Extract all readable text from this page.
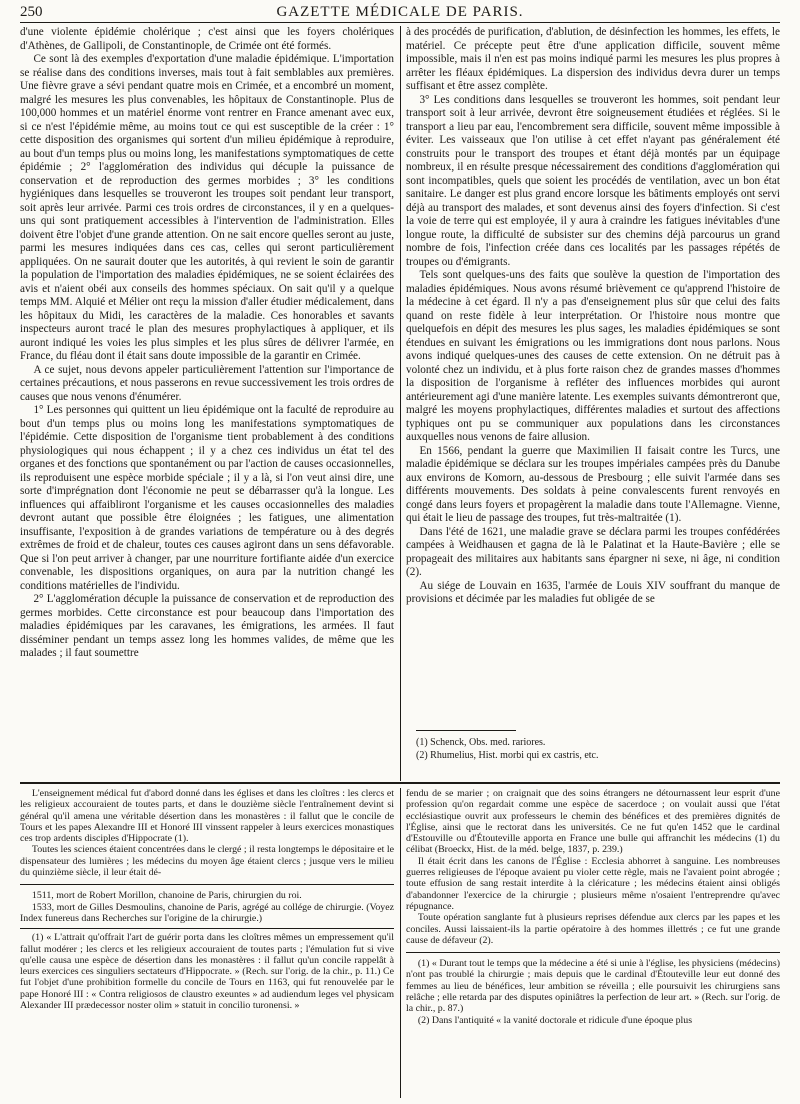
250	GAZETTE MÉDICALE DE PARIS.

d'une violente épidémie cholérique ; c'est ainsi que les foyers cholériques d'Athènes, de Gallipoli, de Constantinople, de Crimée ont été formés.

Ce sont là des exemples d'exportation d'une maladie épidémique. L'importation se réalise dans des conditions inverses, mais tout à fait semblables aux premières. Une fièvre grave a sévi pendant quatre mois en Crimée, et a encombré un moment, malgré les mesures les plus convenables, les hôpitaux de Constantinople. Plus de 100,000 hommes et un matériel énorme vont rentrer en France amenant avec eux, si ce n'est l'épidémie même, au moins tout ce qui est susceptible de la créer : 1° cette disposition des organismes qui sortent d'un milieu épidémique à reproduire, au bout d'un temps plus ou moins long, les manifestations symptomatiques de cette épidémie ; 2° l'agglomération des individus qui décuple la puissance de conservation et de reproduction des germes morbides ; 3° les conditions hygiéniques dans lesquelles se trouveront les troupes soit pendant leur transport, soit après leur arrivée. Parmi ces trois ordres de circonstances, il y en a quelques-uns qui sont pratiquement accessibles à l'intervention de l'administration. Elles doivent être l'objet d'une grande attention. On ne sait encore quelles seront au juste, parmi les mesures indiquées dans ces cas, celles qui seront particulièrement appliquées. On ne saurait douter que les autorités, à qui revient le soin de garantir la population de l'importation des maladies épidémiques, ne se soient éclairées des avis et n'aient obéi aux conseils des hommes spéciaux. On sait qu'il y a quelque temps MM. Alquié et Mélier ont reçu la mission d'aller étudier médicalement, dans les hôpitaux du Midi, les caractères de la maladie. Ces honorables et savants inspecteurs auront tracé le plan des mesures prophylactiques à appliquer, et ils auront indiqué les voies les plus simples et les plus sûres de délivrer l'armée, en France, du fléau dont il était sans doute impossible de la garantir en Crimée.

A ce sujet, nous devons appeler particulièrement l'attention sur l'importance de certaines précautions, et nous passerons en revue successivement les trois ordres de causes que nous venons d'énumérer.

1° Les personnes qui quittent un lieu épidémique ont la faculté de reproduire au bout d'un temps plus ou moins long les manifestations symptomatiques de l'épidémie. Cette disposition de l'organisme tient probablement à des conditions physiologiques qui nous échappent ; il y a chez ces individus un état tel des organes et des fonctions que spontanément ou par l'action de causes occasionnelles, ils reproduisent une espèce morbide spéciale ; il y a là, si l'on veut ainsi dire, une sorte d'imprégnation dont l'économie ne peut se débarrasser qu'à la longue. Les influences qui affaibliront l'organisme et les causes occasionnelles des maladies devront autant que possible être éloignées ; les fatigues, une alimentation insuffisante, l'exposition à de grandes variations de température ou à des degrés extrêmes de froid et de chaleur, toutes ces causes agiront dans un sens défavorable. Que si l'on peut arriver à changer, par une nourriture fortifiante aidée d'un exercice convenable, les dispositions organiques, on aura par la nutrition changé les conditions matérielles de l'individu.

2° L'agglomération décuple la puissance de conservation et de reproduction des germes morbides. Cette circonstance est pour beaucoup dans l'importation des maladies épidémiques par les caravanes, les émigrations, les armées. Il faut disséminer pendant un temps assez long les hommes valides, de même que les malades ; il faut soumettre

à des procédés de purification, d'ablution, de désinfection les hommes, les effets, le matériel. Ce précepte peut être d'une application difficile, souvent même impossible, mais il n'en est pas moins indiqué parmi les mesures les plus propres à arrêter les fléaux épidémiques. La dispersion des individus devra durer un temps suffisant et être assez complète.

3° Les conditions dans lesquelles se trouveront les hommes, soit pendant leur transport soit à leur arrivée, devront être soigneusement étudiées et réglées. Si le transport a lieu par eau, l'encombrement sera difficile, souvent même impossible à éviter. Les vaisseaux que l'on utilise à cet effet n'ayant pas généralement été construits pour le transport des troupes et étant déjà montés par un équipage nombreux, il en résulte presque nécessairement des conditions d'agglomération qui sont incompatibles, quels que soient les procédés de ventilation, avec un bon état sanitaire. Le danger est plus grand encore lorsque les bâtiments employés ont servi déjà au transport des malades, et sont devenus ainsi des foyers d'infection. Si c'est la voie de terre qui est employée, il y aura à craindre les fatigues inévitables d'une longue route, la difficulté de subsister sur des chemins déjà parcourus un grand nombre de fois, l'infection créée dans ces localités par les passages répétés de troupes ou d'émigrants.

Tels sont quelques-uns des faits que soulève la question de l'importation des maladies épidémiques. Nous avons résumé brièvement ce qu'apprend l'histoire de la médecine à cet égard. Il n'y a pas d'enseignement plus sûr que celui des faits quand on reste fidèle à leur interprétation. Or l'histoire nous montre que quelquefois en dépit des mesures les plus sages, les maladies épidémiques se sont étendues en suivant les émigrations ou les immigrations dont nous parlons. Nous avons indiqué quelques-unes des causes de cette extension. On ne détruit pas à volonté chez un individu, et à plus forte raison chez de grandes masses d'hommes la disposition de l'organisme à refléter des influences morbides qui auront antérieurement agi d'une manière latente. Les exemples suivants démontreront que, malgré les moyens prophylactiques, différentes maladies et surtout des affections typhiques ont pu se communiquer aux populations dans les circonstances auxquelles nous venons de faire allusion.

En 1566, pendant la guerre que Maximilien II faisait contre les Turcs, une maladie épidémique se déclara sur les troupes impériales campées près du Danube aux environs de Komorn, au-dessous de Presbourg ; elle suivit l'armée dans ses différents mouvements. Des soldats à peine convalescents furent renvoyés en congé dans leurs foyers et propagèrent la maladie dans toute l'Allemagne. Vienne, qui était le lieu de passage des troupes, fut très-maltraitée (1).

Dans l'été de 1621, une maladie grave se déclara parmi les troupes confédérées campées à Weidhausen et gagna de là le Palatinat et la Haute-Bavière ; elle se propageait des militaires aux habitants sans épargner ni sexe, ni âge, ni condition (2).

Au siége de Louvain en 1635, l'armée de Louis XIV souffrant du manque de provisions et décimée par les maladies fut obligée de se

(1) Schenck, Obs. med. rariores.

(2) Rhumelius, Hist. morbi qui ex castris, etc.

L'enseignement médical fut d'abord donné dans les églises et dans les cloîtres : les clercs et les religieux accouraient de toutes parts, et dans le douzième siècle l'entraînement devint si général qu'il amena une véritable désertion dans les monastères : il fallut que le concile de Tours et les papes Alexandre III et Honoré III vinssent rappeler à leurs exercices monastiques ces trop ardents disciples d'Hippocrate (1).

Toutes les sciences étaient concentrées dans le clergé ; il resta longtemps le dépositaire et le dispensateur des lumières ; les médecins du moyen âge étaient clercs ; jusque vers le milieu du quinzième siècle, il leur était dé-

1511, mort de Robert Morillon, chanoine de Paris, chirurgien du roi.

1533, mort de Gilles Desmoulins, chanoine de Paris, agrégé au collége de chirurgie. (Voyez Index funereus dans Recherches sur l'origine de la chirurgie.)

(1) « L'attrait qu'offrait l'art de guérir porta dans les cloîtres mêmes un empressement qu'il fallut modérer ; les clercs et les religieux accouraient de toutes parts ; l'émulation fut si vive qu'elle causa une espèce de désertion dans les monastères : il fallut qu'un concile rappelât à leurs exercices ces singuliers sectateurs d'Hippocrate. » (Rech. sur l'orig. de la chir., p. 11.) Ce fut l'objet d'une prohibition formelle du concile de Tours en 1163, qui fut renouvelée par le pape Honoré III : « Contra religiosos de claustro exeuntes » ad audiendum leges vel physicam Alexander III prædecessor noster olim » statuit in concilio turonensi. »

fendu de se marier ; on craignait que des soins étrangers ne détournassent leur esprit d'une profession qu'on regardait comme une espèce de sacerdoce ; on voulait aussi que l'état ecclésiastique ouvrit aux professeurs le chemin des bénéfices et des premières dignités de l'Église, ainsi que le rectorat dans les universités. Ce ne fut qu'en 1452 que le cardinal d'Estouville ou d'Étouteville apporta en France une bulle qui affranchit les médecins (1) du célibat (Broeckx, Hist. de la méd. belge, 1837, p. 239.)

Il était écrit dans les canons de l'Église : Ecclesia abhorret à sanguine. Les nombreuses guerres religieuses de l'époque avaient pu violer cette règle, mais ne l'avaient point abrogée ; toute effusion de sang restait interdite à la cléricature ; les médecins étaient ainsi obligés d'abandonner l'exercice de la chirurgie ; plusieurs même n'osaient l'entreprendre qu'avec répugnance.

Toute opération sanglante fut à plusieurs reprises défendue aux clercs par les papes et les conciles. Aussi laissaient-ils la partie opératoire à des hommes illettrés ; ce fut une grande cause de défaveur (2).

(1) « Durant tout le temps que la médecine a été si unie à l'église, les physiciens (médecins) n'ont pas troublé la chirurgie ; mais depuis que le cardinal d'Étouteville leur eut donné des femmes au lieu de bénéfices, leur ambition se réveilla ; elle poursuivit les chirurgiens sans relâche ; elle retarda par des disputes opiniâtres la perfection de leur art. » (Rech. sur l'orig. de la chir., p. 87.)

(2) Dans l'antiquité « la vanité doctorale et ridicule d'une époque plus
